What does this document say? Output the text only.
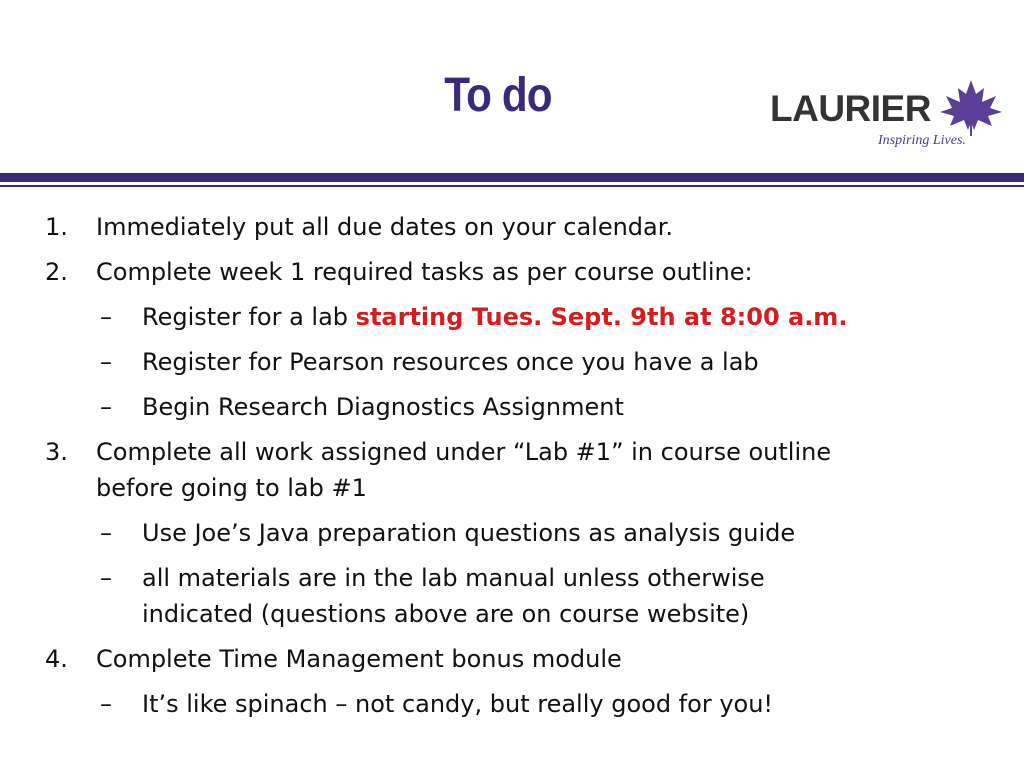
To do	LAURIER
Inspiring Lives.
1. Immediately put all due dates on your calendar.
2. Complete week 1 required tasks as per course outline:
– Register for a lab starting Tues. Sept. 9th at 8:00 a.m.
– Register for Pearson resources once you have a lab
– Begin Research Diagnostics Assignment
3. Complete all work assigned under “Lab #1” in course outline
before going to lab #1
– Use Joe’s Java preparation questions as analysis guide
– all materials are in the lab manual unless otherwise
indicated (questions above are on course website)
4. Complete Time Management bonus module
– It’s like spinach – not candy, but really good for you!
